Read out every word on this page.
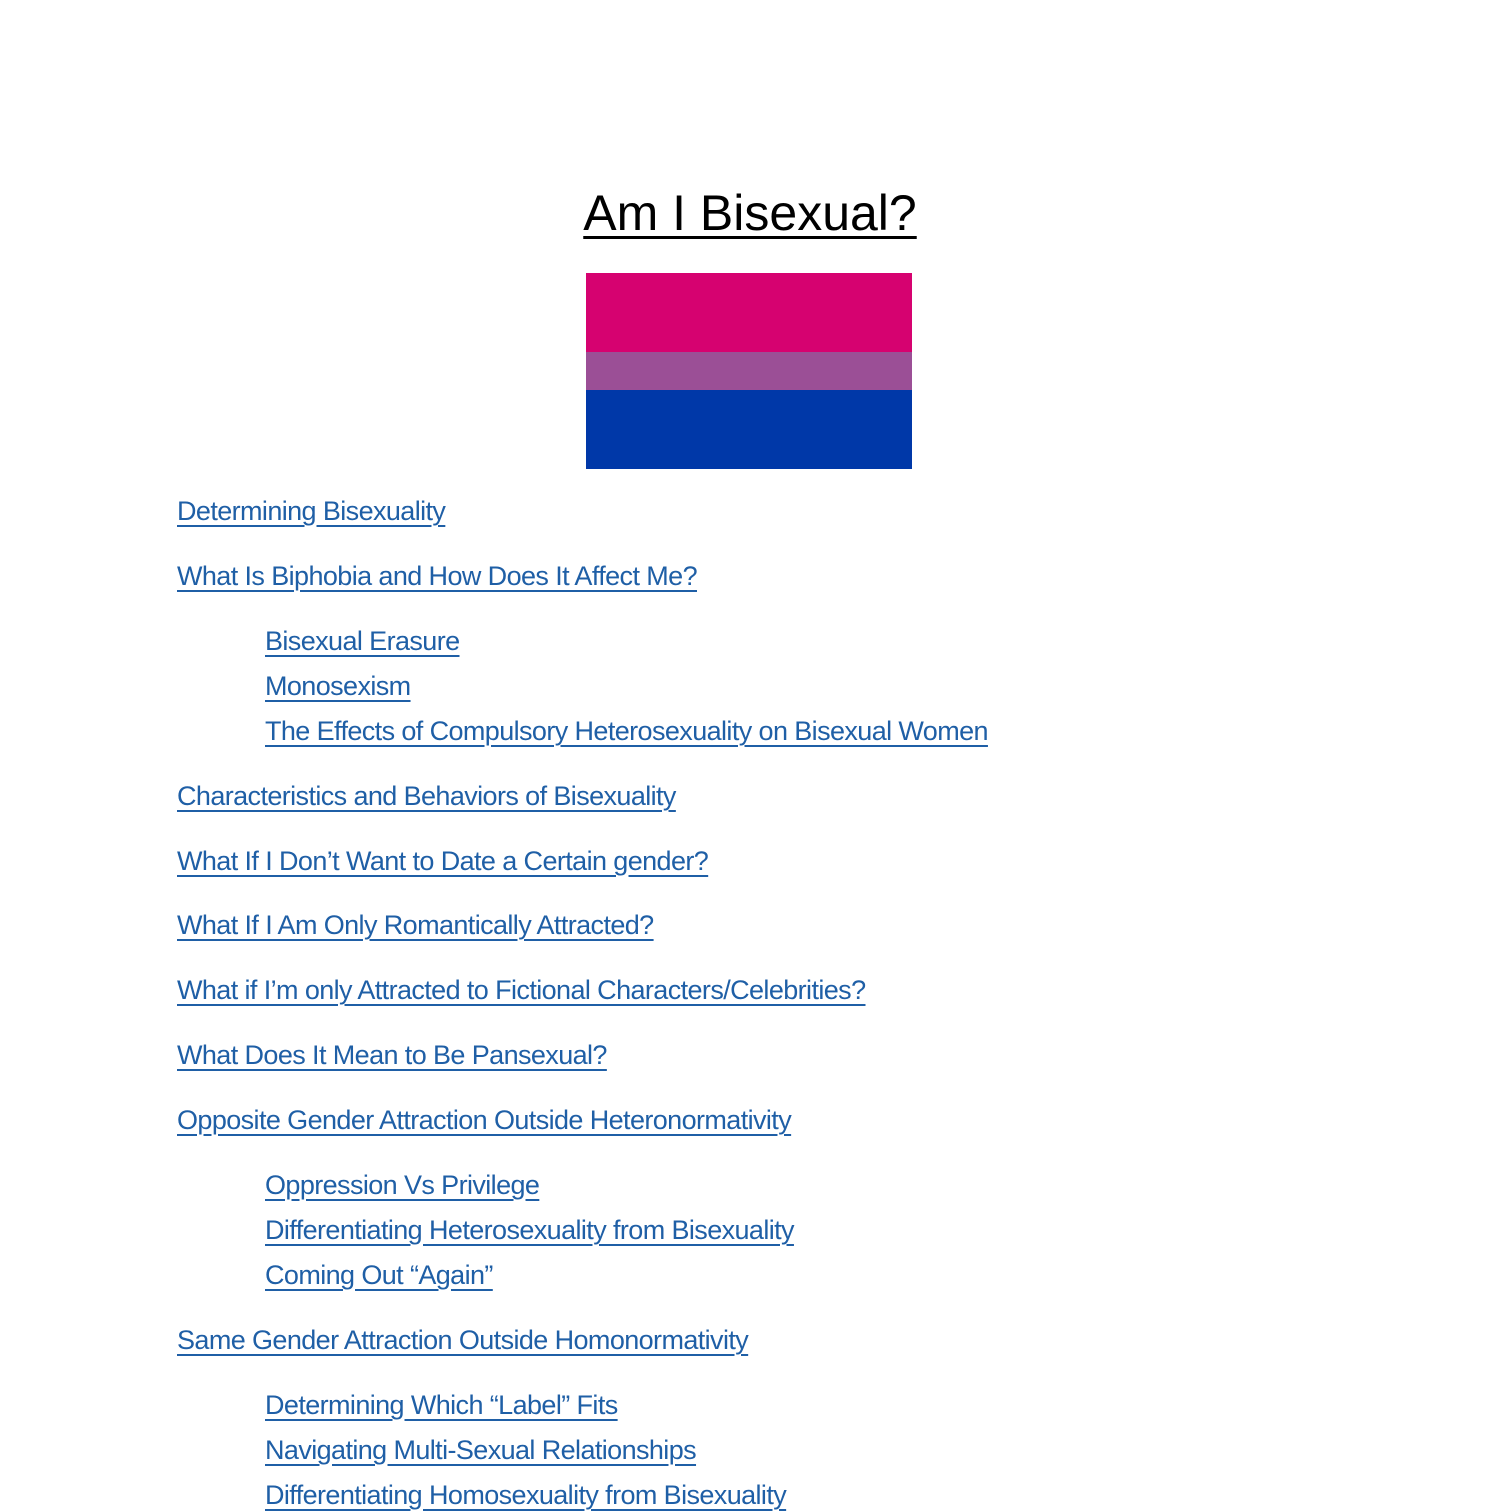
Am I Bisexual?
Determining Bisexuality
What Is Biphobia and How Does It Affect Me?
Bisexual Erasure
Monosexism
The Effects of Compulsory Heterosexuality on Bisexual Women
Characteristics and Behaviors of Bisexuality
What If I Don’t Want to Date a Certain gender?
What If I Am Only Romantically Attracted?
What if I’m only Attracted to Fictional Characters/Celebrities?
What Does It Mean to Be Pansexual?
Opposite Gender Attraction Outside Heteronormativity
Oppression Vs Privilege
Differentiating Heterosexuality from Bisexuality
Coming Out “Again”
Same Gender Attraction Outside Homonormativity
Determining Which “Label” Fits
Navigating Multi-Sexual Relationships
Differentiating Homosexuality from Bisexuality
